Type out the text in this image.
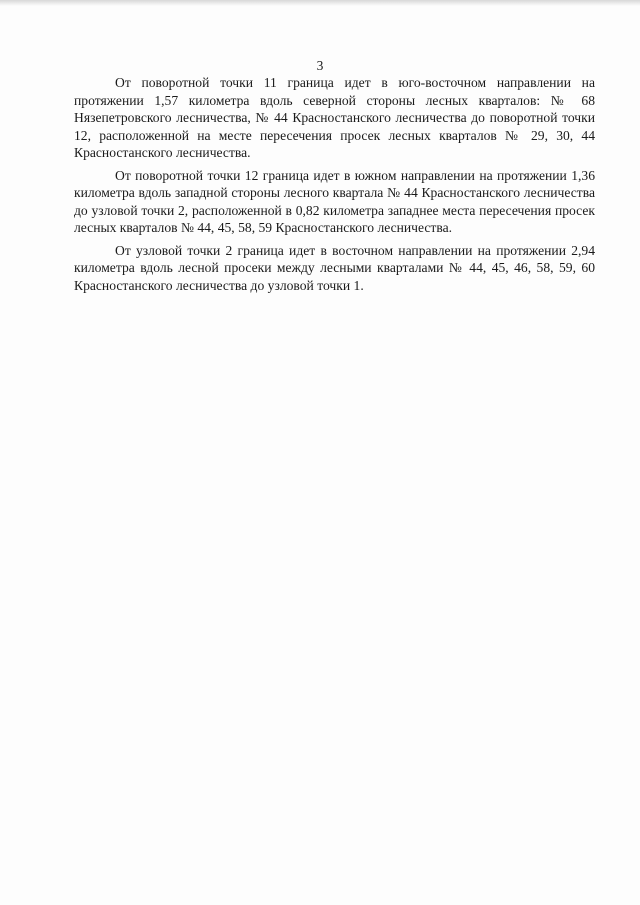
3

От поворотной точки 11 граница идет в юго-восточном направлении на протяжении 1,57 километра вдоль северной стороны лесных кварталов: № 68 Нязепетровского лесничества, № 44 Красностанского лесничества до поворотной точки 12, расположенной на месте пересечения просек лесных кварталов № 29, 30, 44 Красностанского лесничества.

От поворотной точки 12 граница идет в южном направлении на протяжении 1,36 километра вдоль западной стороны лесного квартала № 44 Красностанского лесничества до узловой точки 2, расположенной в 0,82 километра западнее места пересечения просек лесных кварталов № 44, 45, 58, 59 Красностанского лесничества.

От узловой точки 2 граница идет в восточном направлении на протяжении 2,94 километра вдоль лесной просеки между лесными кварталами № 44, 45, 46, 58, 59, 60 Красностанского лесничества до узловой точки 1.
